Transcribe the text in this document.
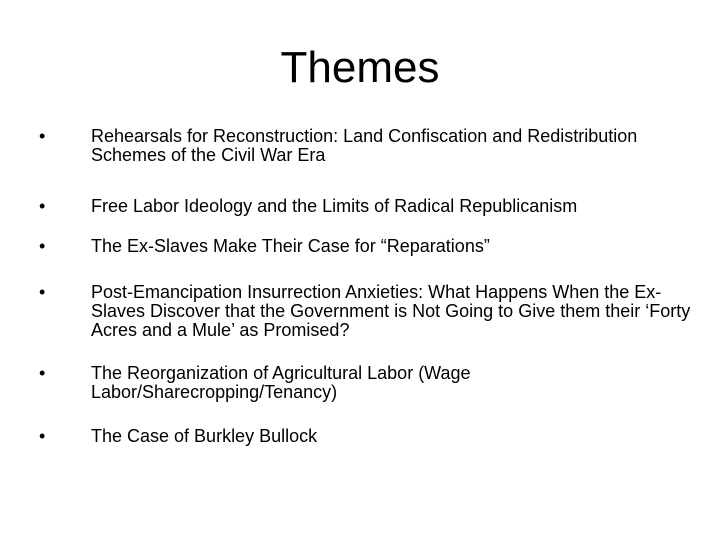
Themes
•	Rehearsals for Reconstruction: Land Confiscation and Redistribution Schemes of the Civil War Era
•	Free Labor Ideology and the Limits of Radical Republicanism
•	The Ex-Slaves Make Their Case for “Reparations”
•	Post-Emancipation Insurrection Anxieties: What Happens When the Ex-Slaves Discover that the Government is Not Going to Give them their ‘Forty Acres and a Mule’ as Promised?
•	The Reorganization of Agricultural Labor (Wage Labor/Sharecropping/Tenancy)
•	The Case of Burkley Bullock
